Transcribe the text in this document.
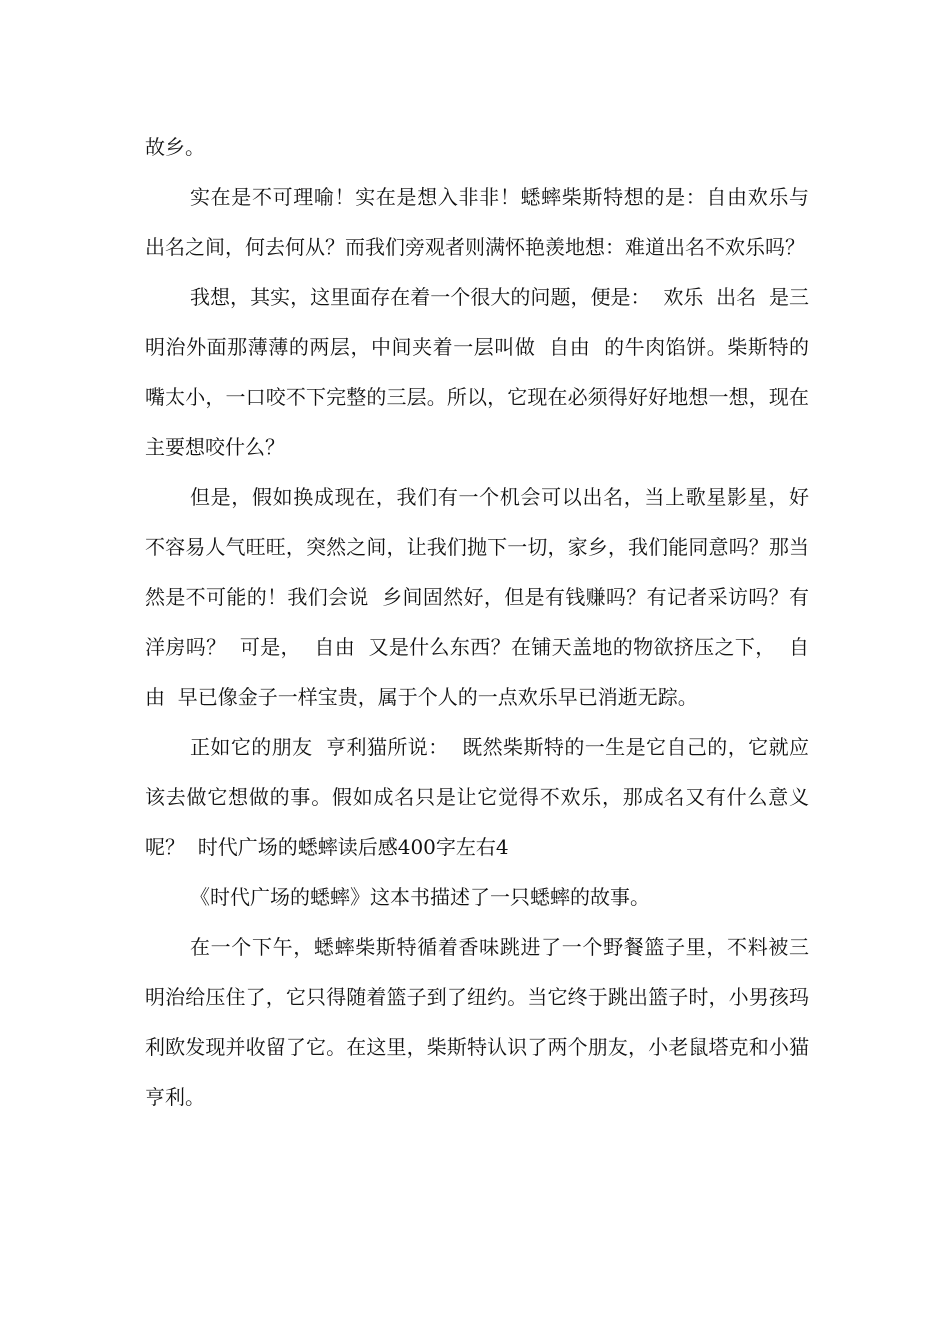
故乡。

实在是不可理喻！实在是想入非非！蟋蟀柴斯特想的是：自由欢乐与出名之间，何去何从？而我们旁观者则满怀艳羡地想：难道出名不欢乐吗？

我想，其实，这里面存在着一个很大的问题，便是：  欢乐  出名  是三明治外面那薄薄的两层，中间夹着一层叫做  自由  的牛肉馅饼。柴斯特的嘴太小，一口咬不下完整的三层。所以，它现在必须得好好地想一想，现在主要想咬什么？

但是，假如换成现在，我们有一个机会可以出名，当上歌星影星，好不容易人气旺旺，突然之间，让我们抛下一切，家乡，我们能同意吗？那当然是不可能的！我们会说  乡间固然好，但是有钱赚吗？有记者采访吗？有洋房吗？  可是，  自由  又是什么东西？在铺天盖地的物欲挤压之下，  自由  早已像金子一样宝贵，属于个人的一点欢乐早已消逝无踪。

正如它的朋友  亨利猫所说：  既然柴斯特的一生是它自己的，它就应该去做它想做的事。假如成名只是让它觉得不欢乐，那成名又有什么意义呢？  时代广场的蟋蟀读后感400字左右4

《时代广场的蟋蟀》这本书描述了一只蟋蟀的故事。

在一个下午，蟋蟀柴斯特循着香味跳进了一个野餐篮子里，不料被三明治给压住了，它只得随着篮子到了纽约。当它终于跳出篮子时，小男孩玛利欧发现并收留了它。在这里，柴斯特认识了两个朋友，小老鼠塔克和小猫亨利。
